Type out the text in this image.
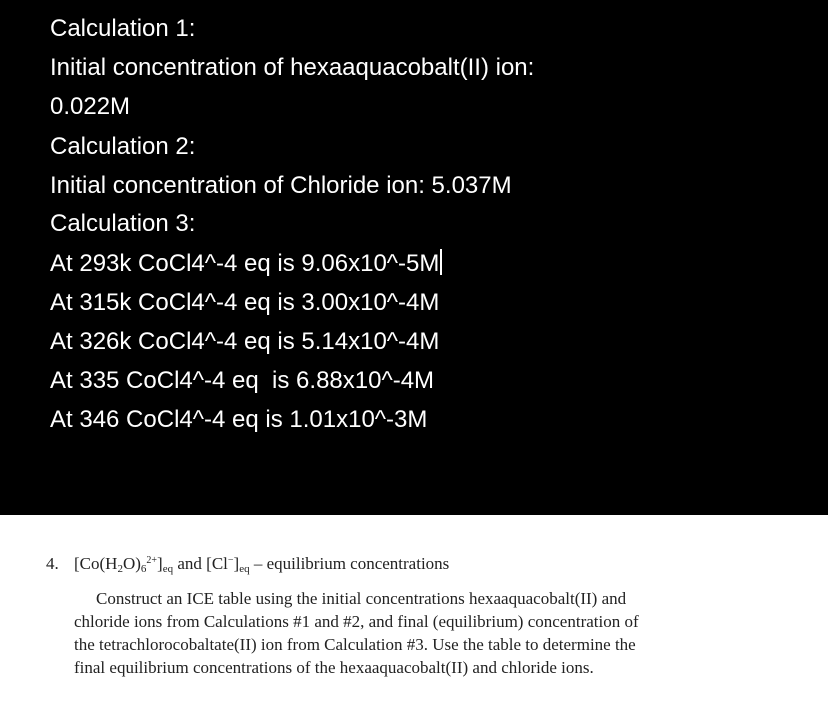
Calculation 1:
Initial concentration of hexaaquacobalt(II) ion:
0.022M
Calculation 2:
Initial concentration of Chloride ion: 5.037M
Calculation 3:
At 293k CoCl4^-4 eq is 9.06x10^-5M
At 315k CoCl4^-4 eq is 3.00x10^-4M
At 326k CoCl4^-4 eq is 5.14x10^-4M
At 335 CoCl4^-4 eq  is 6.88x10^-4M
At 346 CoCl4^-4 eq is 1.01x10^-3M
4. $[Co(H_2O)_6^{2+}]_{eq}$ and $[Cl^-]_{eq}$ – equilibrium concentrations
Construct an ICE table using the initial concentrations hexaaquacobalt(II) and
chloride ions from Calculations #1 and #2, and final (equilibrium) concentration of
the tetrachlorocobaltate(II) ion from Calculation #3. Use the table to determine the
final equilibrium concentrations of the hexaaquacobalt(II) and chloride ions.
